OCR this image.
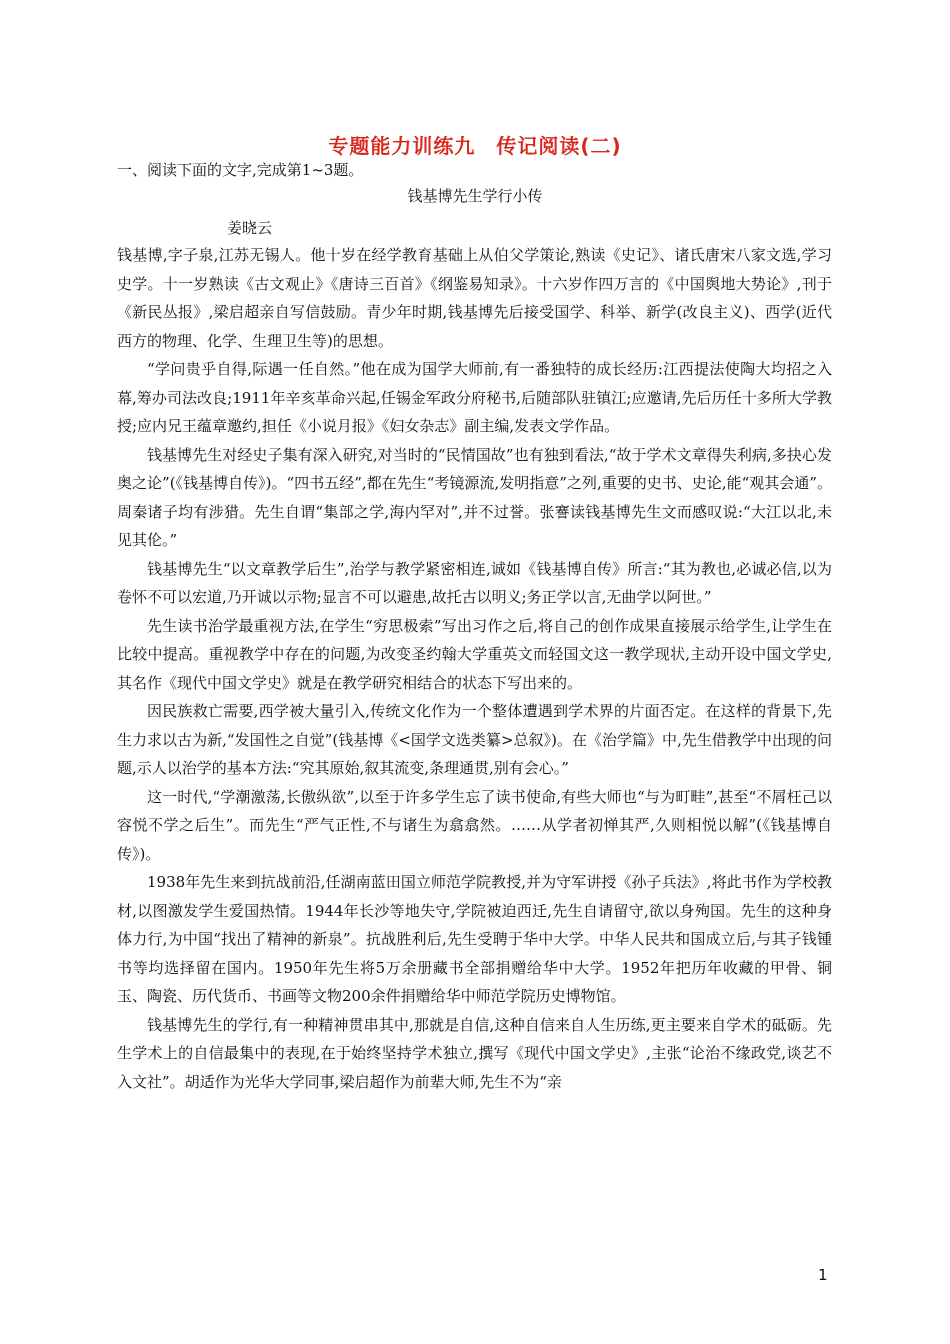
专题能力训练九　传记阅读(二)
一、阅读下面的文字,完成第1~3题。
钱基博先生学行小传
姜晓云

钱基博,字子泉,江苏无锡人。他十岁在经学教育基础上从伯父学策论,熟读《史记》、诸氏唐宋八家文选,学习史学。十一岁熟读《古文观止》《唐诗三百首》《纲鉴易知录》。十六岁作四万言的《中国舆地大势论》,刊于《新民丛报》,梁启超亲自写信鼓励。青少年时期,钱基博先后接受国学、科举、新学(改良主义)、西学(近代西方的物理、化学、生理卫生等)的思想。

“学问贵乎自得,际遇一任自然。”他在成为国学大师前,有一番独特的成长经历:江西提法使陶大均招之入幕,筹办司法改良;1911年辛亥革命兴起,任锡金军政分府秘书,后随部队驻镇江;应邀请,先后历任十多所大学教授;应内兄王蕴章邀约,担任《小说月报》《妇女杂志》副主编,发表文学作品。

钱基博先生对经史子集有深入研究,对当时的“民情国故”也有独到看法,“故于学术文章得失利病,多抉心发奥之论”(《钱基博自传》)。“四书五经”,都在先生“考镜源流,发明指意”之列,重要的史书、史论,能“观其会通”。周秦诸子均有涉猎。先生自谓“集部之学,海内罕对”,并不过誉。张謇读钱基博先生文而感叹说:“大江以北,未见其伦。”

钱基博先生“以文章教学后生”,治学与教学紧密相连,诚如《钱基博自传》所言:“其为教也,必诚必信,以为卷怀不可以宏道,乃开诚以示物;显言不可以避患,故托古以明义;务正学以言,无曲学以阿世。”

先生读书治学最重视方法,在学生“穷思极索”写出习作之后,将自己的创作成果直接展示给学生,让学生在比较中提高。重视教学中存在的问题,为改变圣约翰大学重英文而轻国文这一教学现状,主动开设中国文学史,其名作《现代中国文学史》就是在教学研究相结合的状态下写出来的。

因民族救亡需要,西学被大量引入,传统文化作为一个整体遭遇到学术界的片面否定。在这样的背景下,先生力求以古为新,“发国性之自觉”(钱基博《<国学文选类纂>总叙》)。在《治学篇》中,先生借教学中出现的问题,示人以治学的基本方法:“究其原始,叙其流变,条理通贯,别有会心。”

这一时代,“学潮激荡,长傲纵欲”,以至于许多学生忘了读书使命,有些大师也“与为町畦”,甚至“不屑枉己以容悦不学之后生”。而先生“严气正性,不与诸生为翕翕然。……从学者初惮其严,久则相悦以解”(《钱基博自传》)。

1938年先生来到抗战前沿,任湖南蓝田国立师范学院教授,并为守军讲授《孙子兵法》,将此书作为学校教材,以图激发学生爱国热情。1944年长沙等地失守,学院被迫西迁,先生自请留守,欲以身殉国。先生的这种身体力行,为中国“找出了精神的新泉”。抗战胜利后,先生受聘于华中大学。中华人民共和国成立后,与其子钱锺书等均选择留在国内。1950年先生将5万余册藏书全部捐赠给华中大学。1952年把历年收藏的甲骨、铜玉、陶瓷、历代货币、书画等文物200余件捐赠给华中师范学院历史博物馆。

钱基博先生的学行,有一种精神贯串其中,那就是自信,这种自信来自人生历练,更主要来自学术的砥砺。先生学术上的自信最集中的表现,在于始终坚持学术独立,撰写《现代中国文学史》,主张“论治不缘政党,谈艺不入文社”。胡适作为光华大学同事,梁启超作为前辈大师,先生不为“亲

1
